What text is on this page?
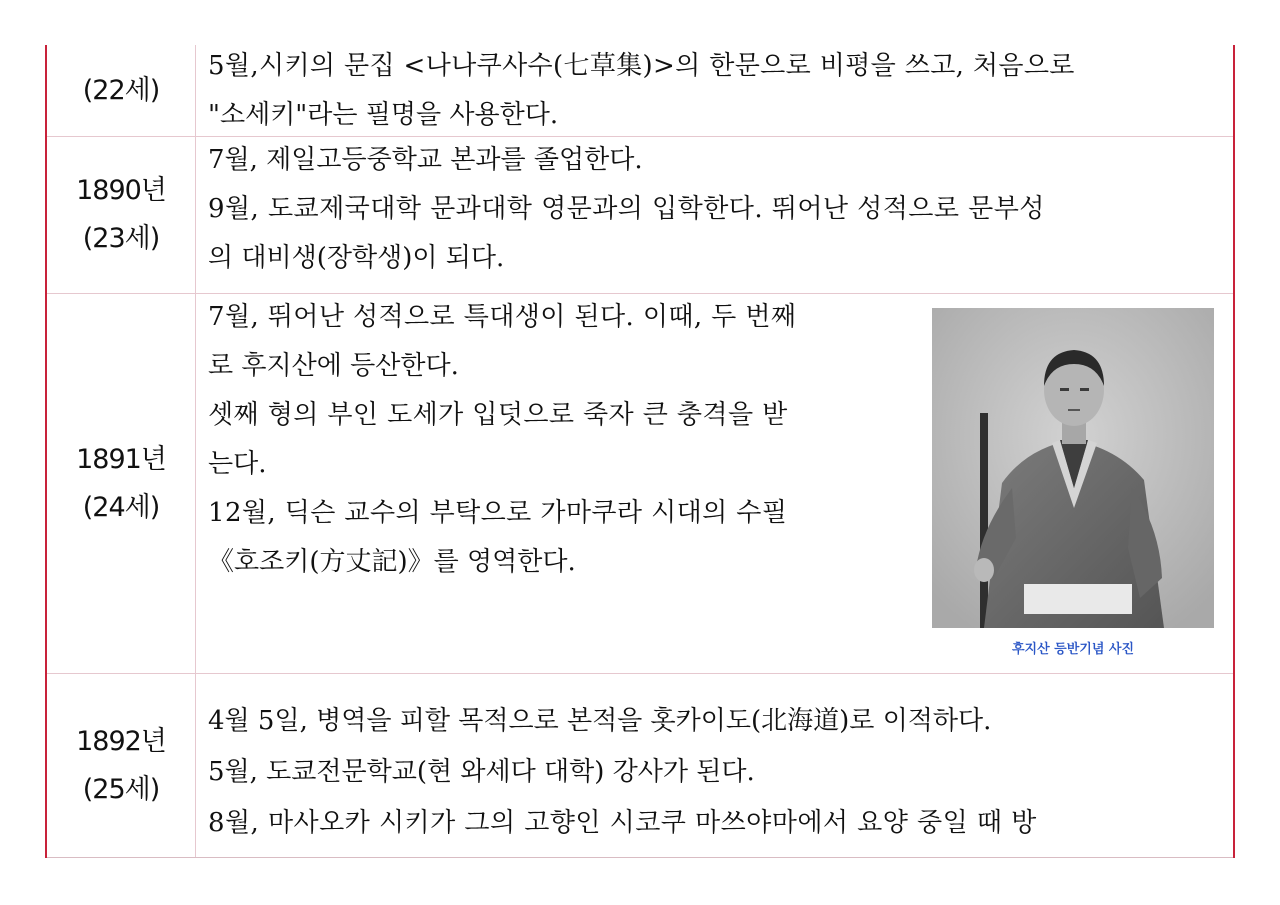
(22세)

5월,시키의 문집 <나나쿠사수(七草集)>의 한문으로 비평을 쓰고, 처음으로
"소세키"라는 필명을 사용한다.

1890년
(23세)

7월, 제일고등중학교 본과를 졸업한다.
9월, 도쿄제국대학 문과대학 영문과의 입학한다. 뛰어난 성적으로 문부성
의 대비생(장학생)이 되다.

1891년
(24세)

7월, 뛰어난 성적으로 특대생이 된다. 이때, 두 번째
로 후지산에 등산한다.
셋째 형의 부인 도세가 입덧으로 죽자 큰 충격을 받
는다.
12월, 딕슨 교수의 부탁으로 가마쿠라 시대의 수필
《호조키(方丈記)》를 영역한다.

후지산 등반기념 사진
1892년
(25세)

4월 5일, 병역을 피할 목적으로 본적을 홋카이도(北海道)로 이적하다.
5월, 도쿄전문학교(현 와세다 대학) 강사가 된다.
8월, 마사오카 시키가 그의 고향인 시코쿠 마쓰야마에서 요양 중일 때 방
